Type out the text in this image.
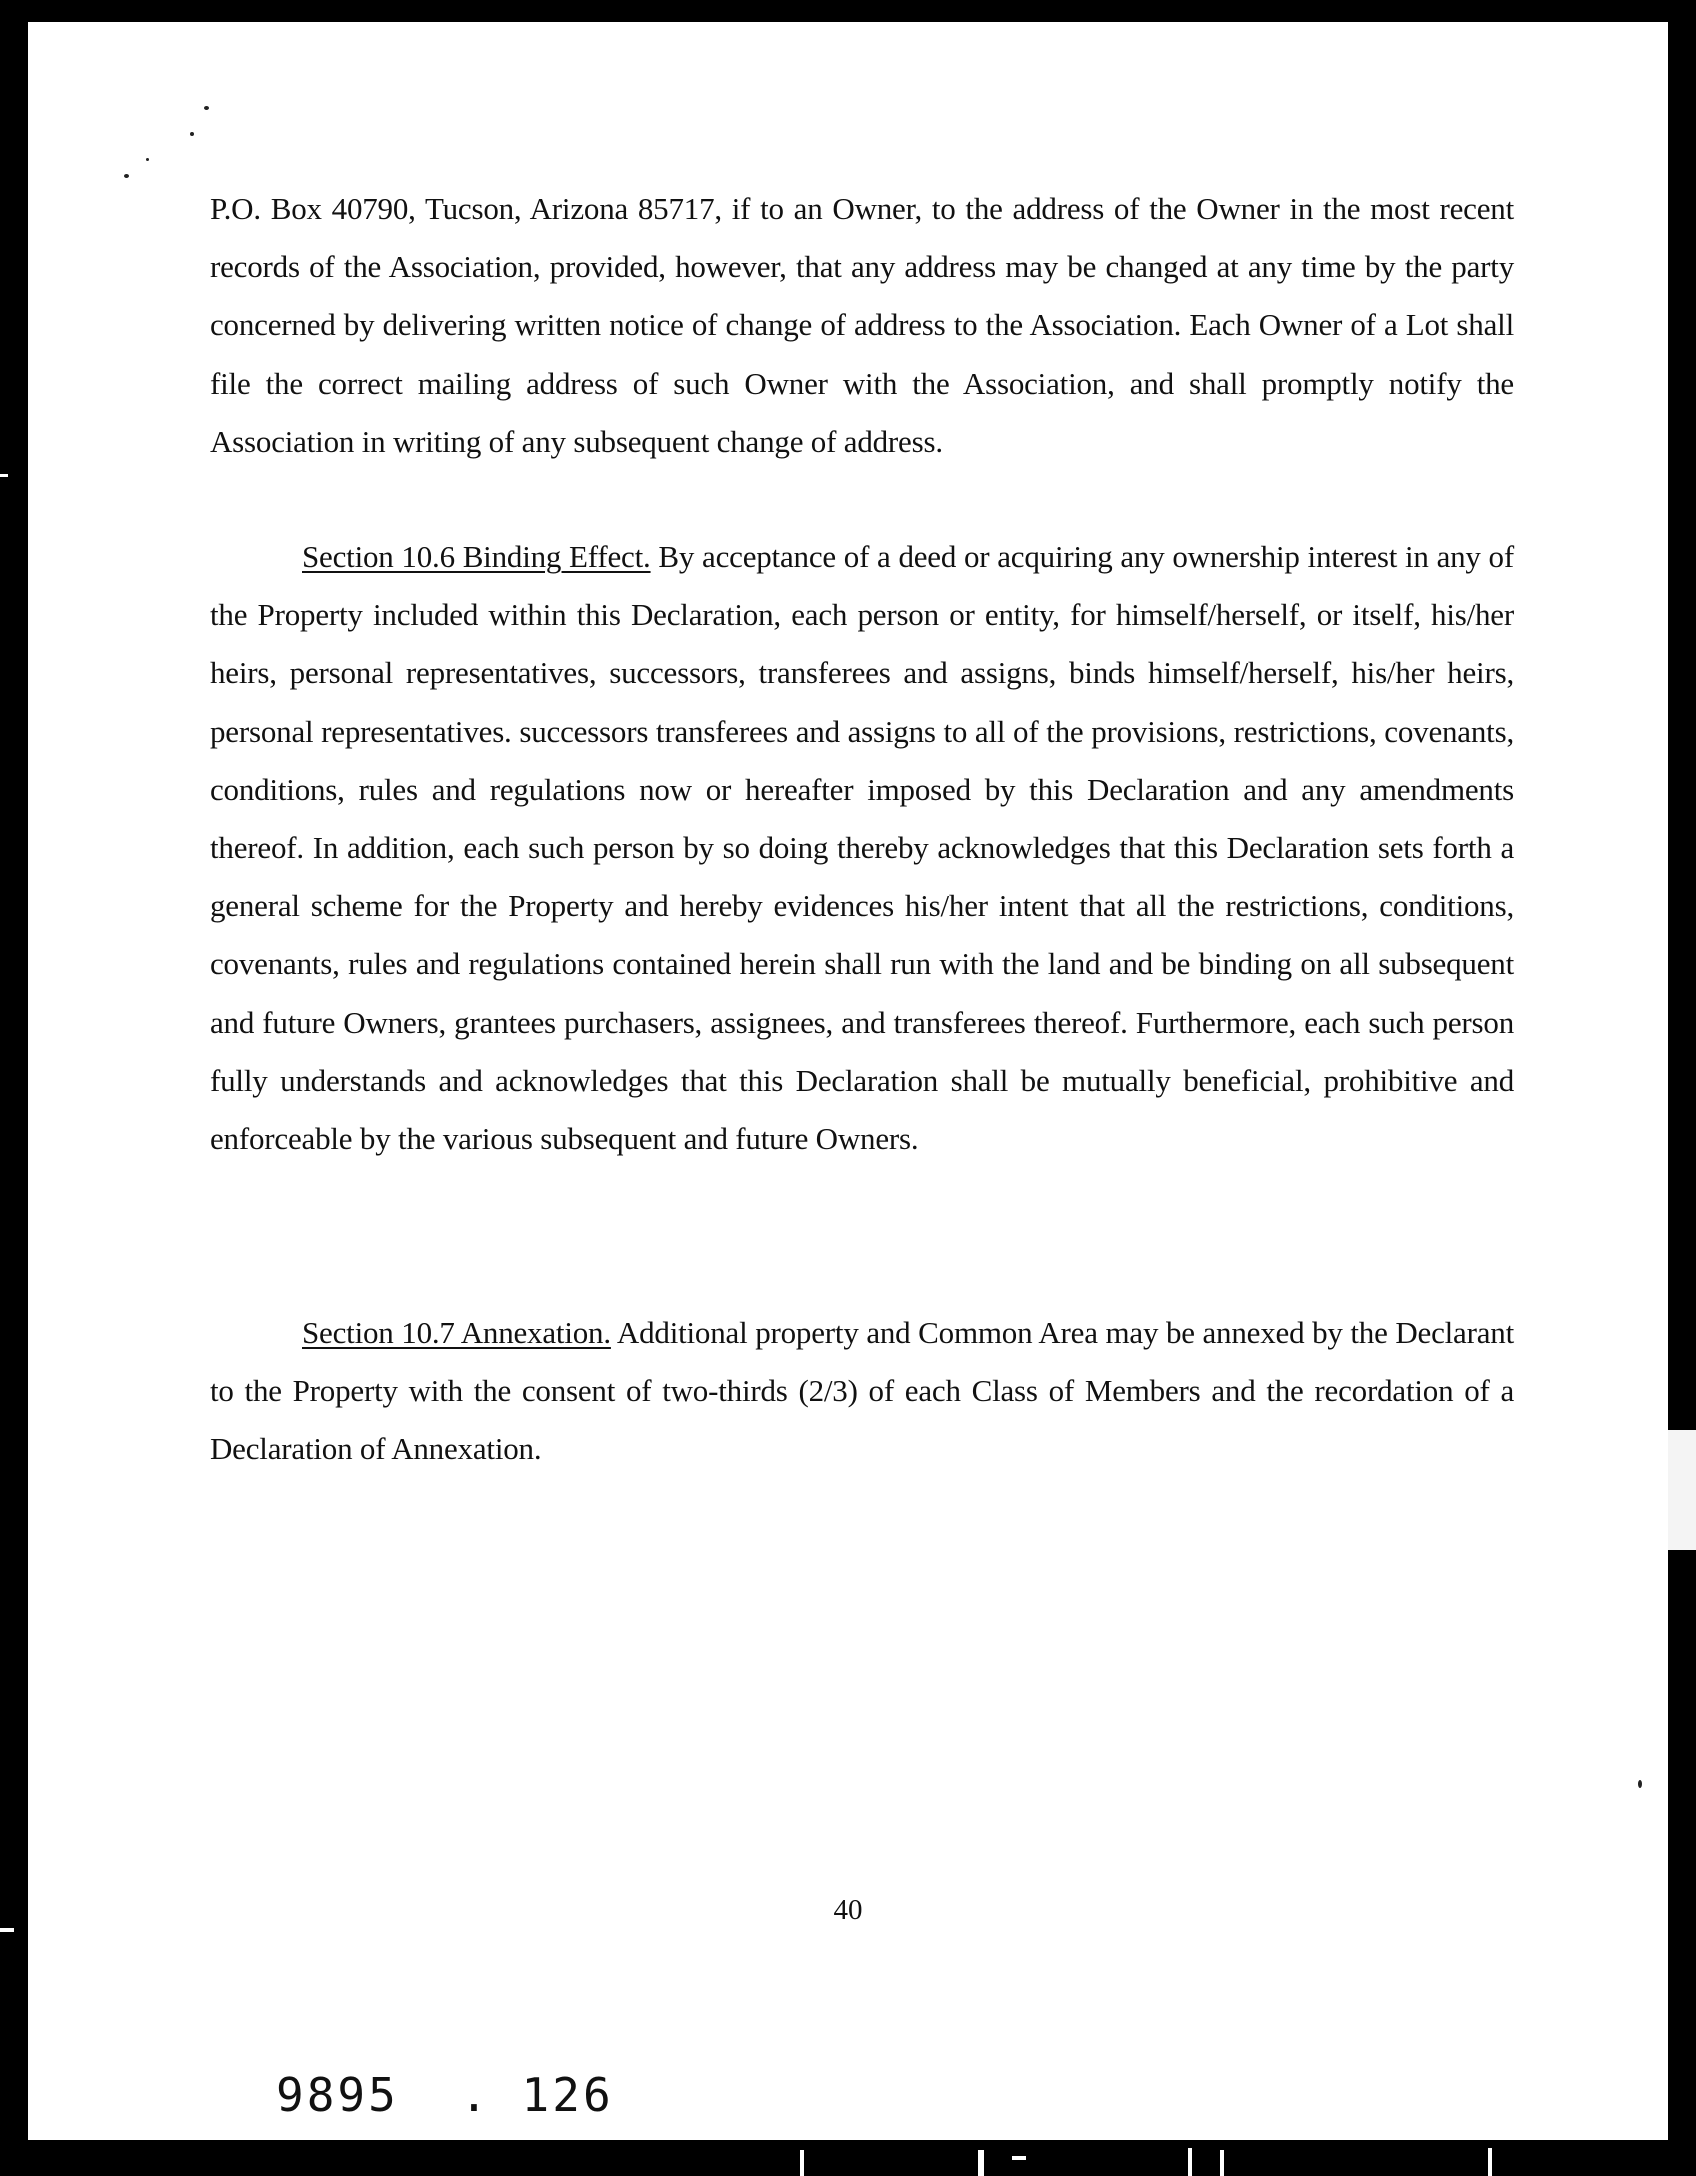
P.O. Box 40790, Tucson, Arizona 85717, if to an Owner, to the address of the Owner in the most recent records of the Association, provided, however, that any address may be changed at any time by the party concerned by delivering written notice of change of address to the Association. Each Owner of a Lot shall file the correct mailing address of such Owner with the Association, and shall promptly notify the Association in writing of any subsequent change of address.
Section 10.6 Binding Effect. By acceptance of a deed or acquiring any ownership interest in any of the Property included within this Declaration, each person or entity, for himself/herself, or itself, his/her heirs, personal representatives, successors, transferees and assigns, binds himself/herself, his/her heirs, personal representatives. successors transferees and assigns to all of the provisions, restrictions, covenants, conditions, rules and regulations now or hereafter imposed by this Declaration and any amendments thereof. In addition, each such person by so doing thereby acknowledges that this Declaration sets forth a general scheme for the Property and hereby evidences his/her intent that all the restrictions, conditions, covenants, rules and regulations contained herein shall run with the land and be binding on all subsequent and future Owners, grantees purchasers, assignees, and transferees thereof. Furthermore, each such person fully understands and acknowledges that this Declaration shall be mutually beneficial, prohibitive and enforceable by the various subsequent and future Owners.
Section 10.7 Annexation. Additional property and Common Area may be annexed by the Declarant to the Property with the consent of two-thirds (2/3) of each Class of Members and the recordation of a Declaration of Annexation.
40
9895  . 126
